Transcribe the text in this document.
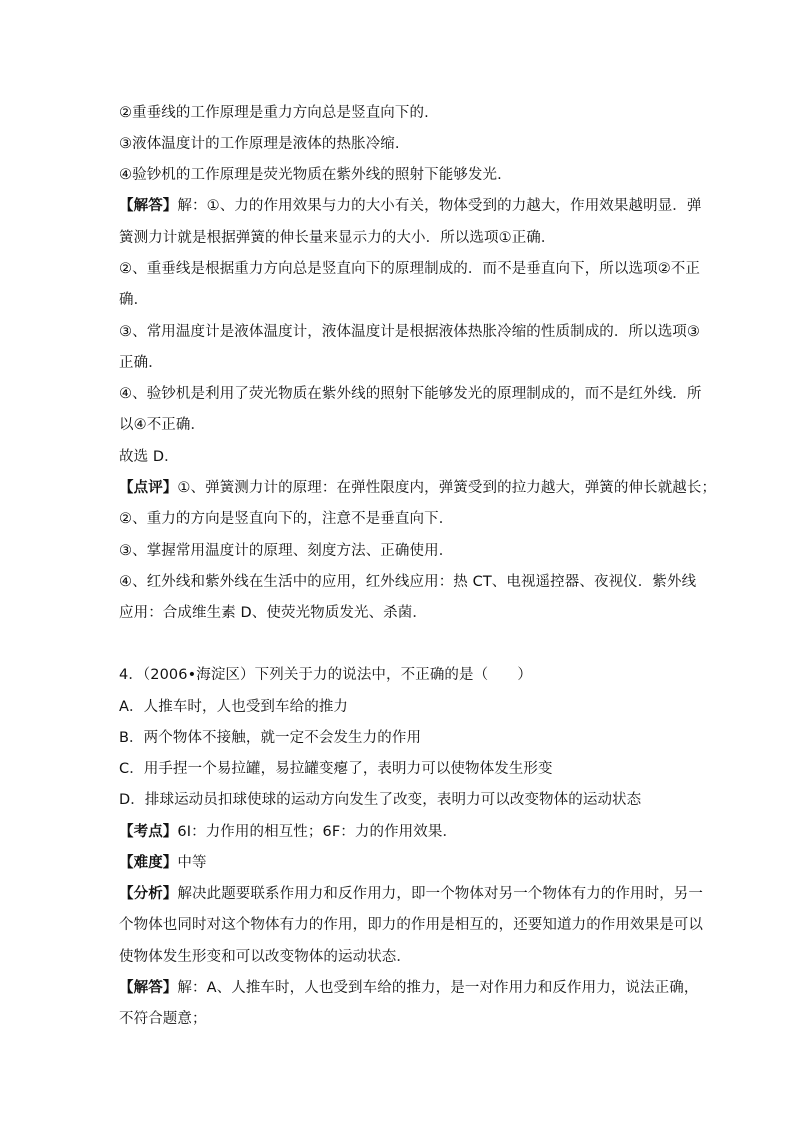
②重垂线的工作原理是重力方向总是竖直向下的.
③液体温度计的工作原理是液体的热胀冷缩.
④验钞机的工作原理是荧光物质在紫外线的照射下能够发光.
【解答】解：①、力的作用效果与力的大小有关，物体受到的力越大，作用效果越明显．弹
簧测力计就是根据弹簧的伸长量来显示力的大小．所以选项①正确．
②、重垂线是根据重力方向总是竖直向下的原理制成的．而不是垂直向下，所以选项②不正
确．
③、常用温度计是液体温度计，液体温度计是根据液体热胀冷缩的性质制成的．所以选项③
正确．
④、验钞机是利用了荧光物质在紫外线的照射下能够发光的原理制成的，而不是红外线．所
以④不正确．
故选 D．
【点评】①、弹簧测力计的原理：在弹性限度内，弹簧受到的拉力越大，弹簧的伸长就越长；
②、重力的方向是竖直向下的，注意不是垂直向下．
③、掌握常用温度计的原理、刻度方法、正确使用．
④、红外线和紫外线在生活中的应用，红外线应用：热 CT、电视遥控器、夜视仪．紫外线
应用：合成维生素 D、使荧光物质发光、杀菌．
4．（2006•海淀区）下列关于力的说法中，不正确的是（　　）
A．人推车时，人也受到车给的推力
B．两个物体不接触，就一定不会发生力的作用
C．用手捏一个易拉罐，易拉罐变瘪了，表明力可以使物体发生形变
D．排球运动员扣球使球的运动方向发生了改变，表明力可以改变物体的运动状态
【考点】6I：力作用的相互性；6F：力的作用效果．
【难度】中等
【分析】解决此题要联系作用力和反作用力，即一个物体对另一个物体有力的作用时，另一
个物体也同时对这个物体有力的作用，即力的作用是相互的，还要知道力的作用效果是可以
使物体发生形变和可以改变物体的运动状态．
【解答】解：A、人推车时，人也受到车给的推力，是一对作用力和反作用力，说法正确，
不符合题意；
